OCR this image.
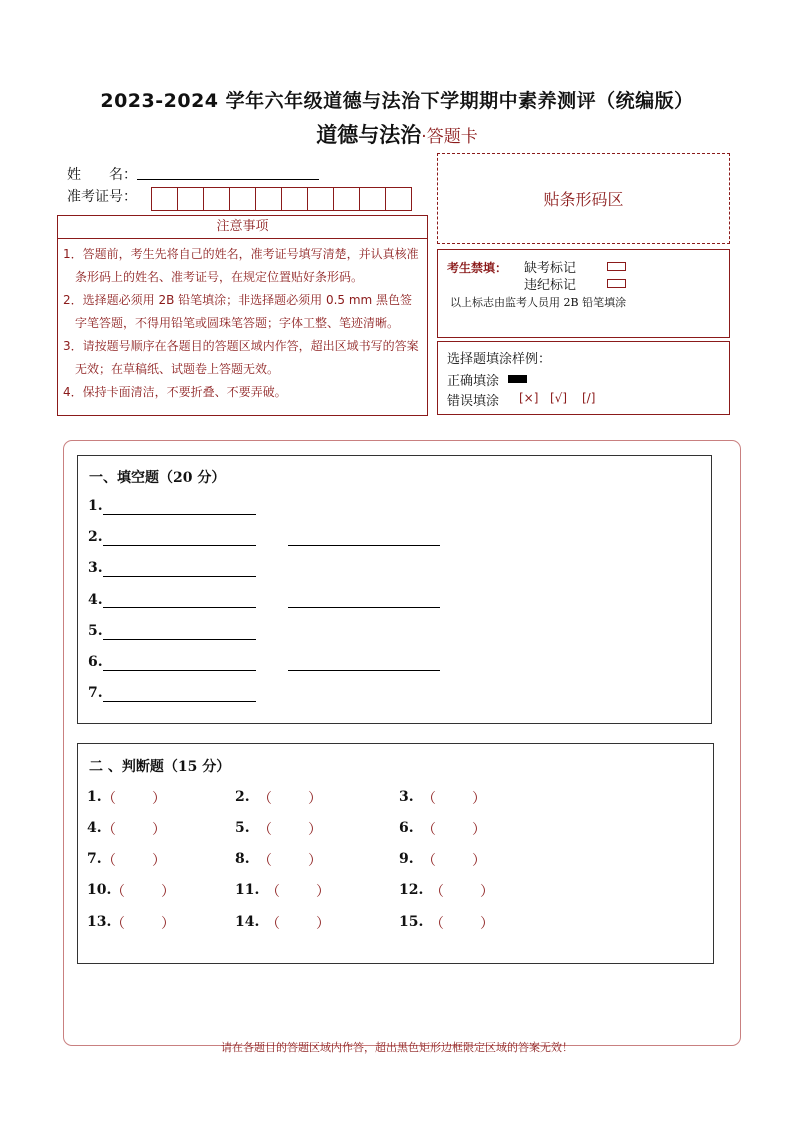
2023-2024 学年六年级道德与法治下学期期中素养测评（统编版）
道德与法治·答题卡
姓　　名：
准考证号：
注意事项

1．答题前，考生先将自己的姓名，准考证号填写清楚，并认真核准条形码上的姓名、准考证号，在规定位置贴好条形码。

2．选择题必须用 2B 铅笔填涂；非选择题必须用 0.5 mm 黑色签字笔答题，不得用铅笔或圆珠笔答题；字体工整、笔迹清晰。

3．请按题号顺序在各题目的答题区域内作答，超出区域书写的答案无效；在草稿纸、试题卷上答题无效。

4．保持卡面清洁，不要折叠、不要弄破。

贴条形码区
考生禁填： 缺考标记
违纪标记
以上标志由监考人员用 2B 铅笔填涂
选择题填涂样例：
正确填涂
错误填涂 [×] [√] [/]
一、填空题（20 分）
1.
2.
3.
4.
5.
6.
7.
二 、判断题（15 分）
1. （	）	2. （	）	3. （	）
4. （	）	5. （	）	6. （	）
7. （	）	8. （	）	9. （	）
10. （	）	11. （	）	12. （	）
13. （	）	14. （	）	15. （	）
请在各题目的答题区域内作答，超出黑色矩形边框限定区域的答案无效！
